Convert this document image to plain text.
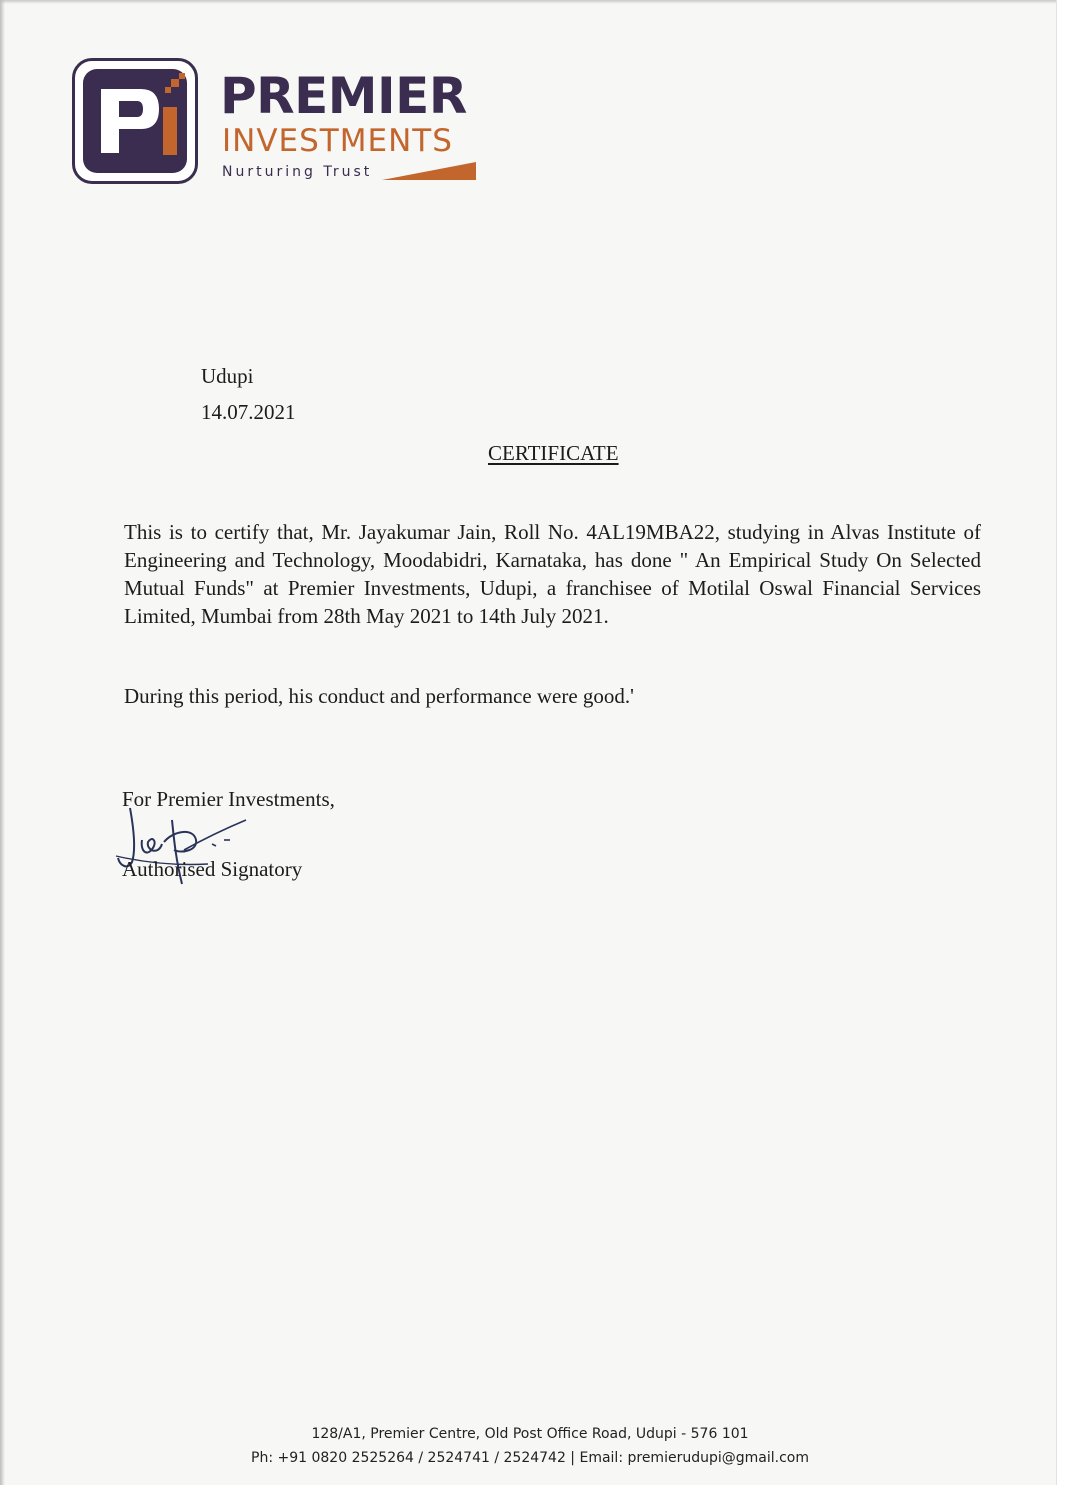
PREMIER
INVESTMENTS
Nurturing Trust
Udupi
14.07.2021
CERTIFICATE
This is to certify that, Mr. Jayakumar Jain, Roll No. 4AL19MBA22, studying in Alvas Institute of Engineering and Technology, Moodabidri, Karnataka, has done " An Empirical Study On Selected Mutual Funds" at Premier Investments, Udupi, a franchisee of Motilal Oswal Financial Services Limited, Mumbai from 28th May 2021 to 14th July 2021.
During this period, his conduct and performance were good.'
For Premier Investments,
Authorised Signatory
128/A1, Premier Centre, Old Post Office Road, Udupi - 576 101
Ph: +91 0820 2525264 / 2524741 / 2524742 | Email: premierudupi@gmail.com
